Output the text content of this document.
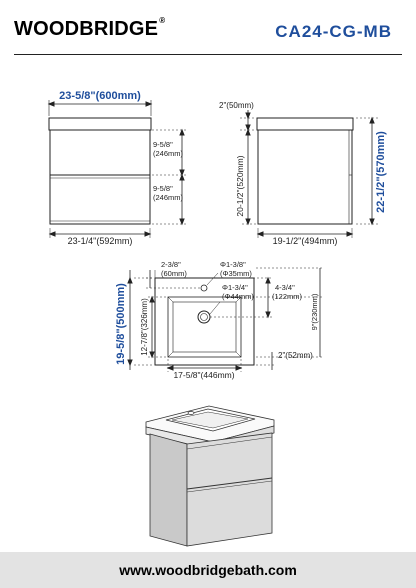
WOODBRIDGE®
CA24-CG-MB
23-5/8"(600mm)
9-5/8"
(246mm)
9-5/8"
(246mm)
23-1/4"(592mm)
2"(50mm)
20-1/2"(520mm)	22-1/2"(570mm)
19-1/2"(494mm)
2-3/8"
(60mm)
Φ1-3/8"
(Φ35mm)
Φ1-3/4"
(Φ44mm)
4-3/4"
(122mm) 9"(230mm)
19-5/8"(500mm) 12-7/8"(326mm)	2"(52mm)
17-5/8"(446mm)
www.woodbridgebath.com
